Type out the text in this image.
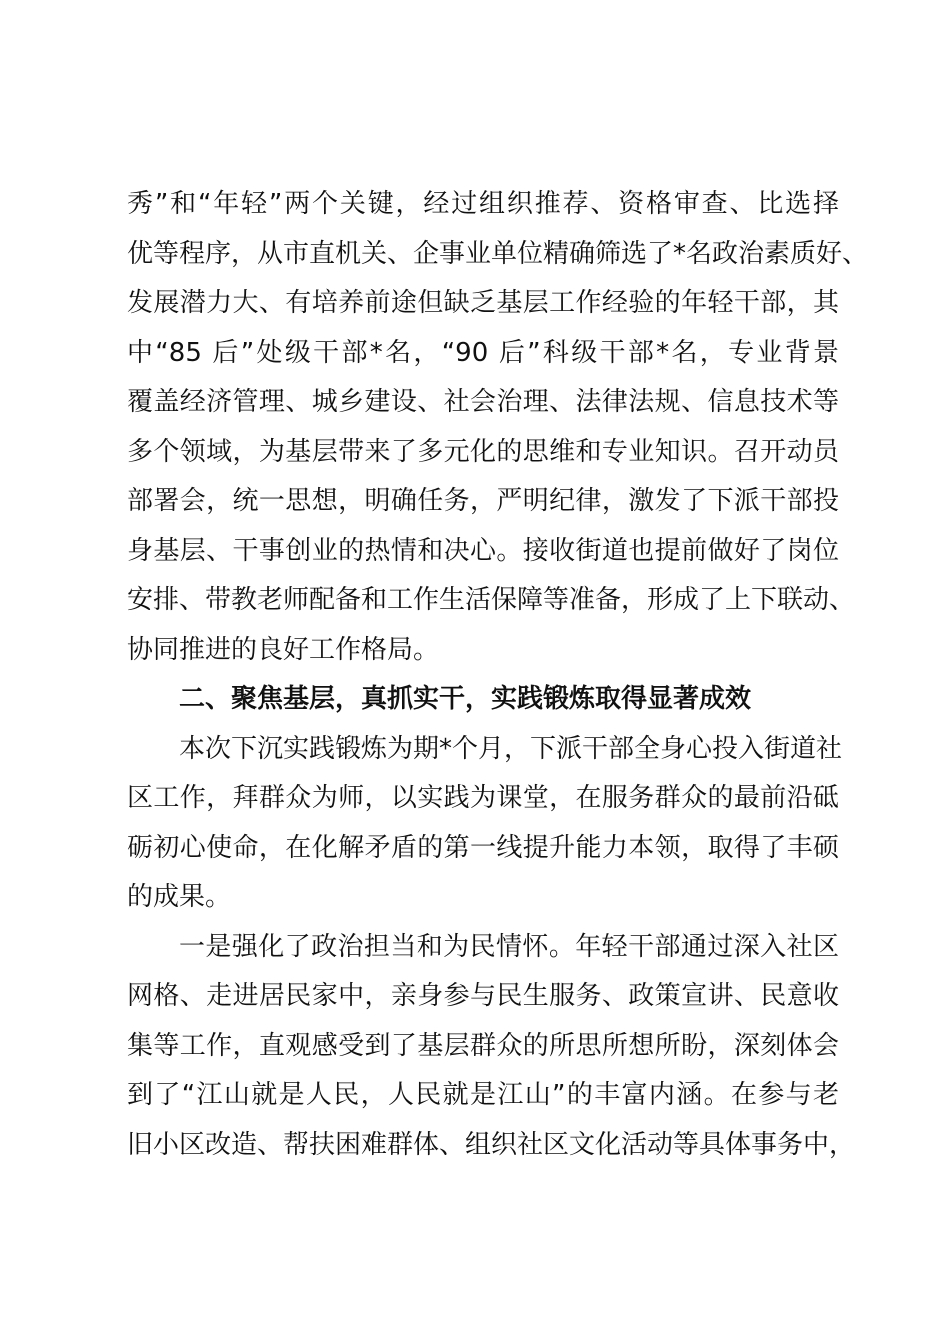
秀”和“年轻”两个关键，经过组织推荐、资格审查、比选择
优等程序，从市直机关、企事业单位精确筛选了*名政治素质好、
发展潜力大、有培养前途但缺乏基层工作经验的年轻干部，其
中“85 后”处级干部*名，“90 后”科级干部*名，专业背景
覆盖经济管理、城乡建设、社会治理、法律法规、信息技术等
多个领域，为基层带来了多元化的思维和专业知识。召开动员
部署会，统一思想，明确任务，严明纪律，激发了下派干部投
身基层、干事创业的热情和决心。接收街道也提前做好了岗位
安排、带教老师配备和工作生活保障等准备，形成了上下联动、
协同推进的良好工作格局。
二、聚焦基层，真抓实干，实践锻炼取得显著成效
本次下沉实践锻炼为期*个月，下派干部全身心投入街道社
区工作，拜群众为师，以实践为课堂，在服务群众的最前沿砥
砺初心使命，在化解矛盾的第一线提升能力本领，取得了丰硕
的成果。
一是强化了政治担当和为民情怀。年轻干部通过深入社区
网格、走进居民家中，亲身参与民生服务、政策宣讲、民意收
集等工作，直观感受到了基层群众的所思所想所盼，深刻体会
到了“江山就是人民，人民就是江山”的丰富内涵。在参与老
旧小区改造、帮扶困难群体、组织社区文化活动等具体事务中，
